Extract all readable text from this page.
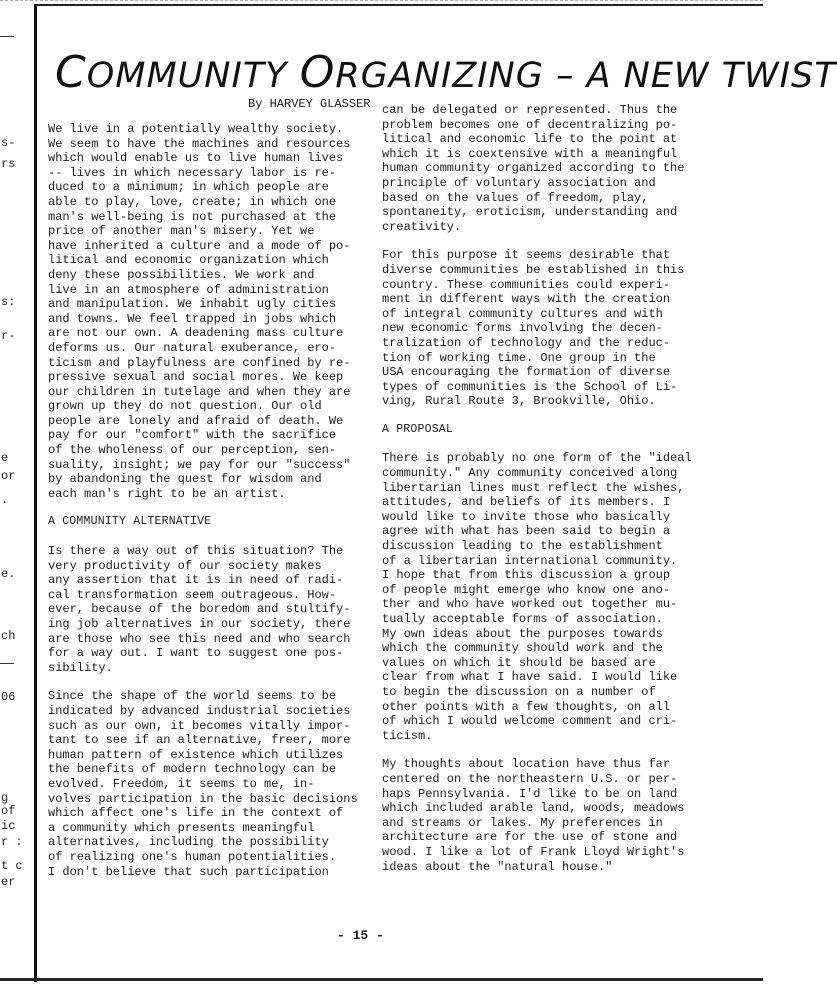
s-
rs
s:
r-
e
or
.
e.
ch
06
g
of
ic
r :
t c
er
COMMUNITY ORGANIZING – A NEW TWIST
By HARVEY GLASSER

We live in a potentially wealthy society.
We seem to have the machines and resources
which would enable us to live human lives
-- lives in which necessary labor is re-
duced to a minimum; in which people are
able to play, love, create; in which one
man's well-being is not purchased at the
price of another man's misery. Yet we
have inherited a culture and a mode of po-
litical and economic organization which
deny these possibilities. We work and
live in an atmosphere of administration
and manipulation. We inhabit ugly cities
and towns. We feel trapped in jobs which
are not our own. A deadening mass culture
deforms us. Our natural exuberance, ero-
ticism and playfulness are confined by re-
pressive sexual and social mores. We keep
our children in tutelage and when they are
grown up they do not question. Our old
people are lonely and afraid of death. We
pay for our "comfort" with the sacrifice
of the wholeness of our perception, sen-
suality, insight; we pay for our "success"
by abandoning the quest for wisdom and
each man's right to be an artist.

A COMMUNITY ALTERNATIVE

Is there a way out of this situation? The
very productivity of our society makes
any assertion that it is in need of radi-
cal transformation seem outrageous. How-
ever, because of the boredom and stultify-
ing job alternatives in our society, there
are those who see this need and who search
for a way out. I want to suggest one pos-
sibility.

Since the shape of the world seems to be
indicated by advanced industrial societies
such as our own, it becomes vitally impor-
tant to see if an alternative, freer, more
human pattern of existence which utilizes
the benefits of modern technology can be
evolved. Freedom, it seems to me, in-
volves participation in the basic decisions
which affect one's life in the context of
a community which presents meaningful
alternatives, including the possibility
of realizing one's human potentialities.
I don't believe that such participation

can be delegated or represented. Thus the
problem becomes one of decentralizing po-
litical and economic life to the point at
which it is coextensive with a meaningful
human community organized according to the
principle of voluntary association and
based on the values of freedom, play,
spontaneity, eroticism, understanding and
creativity.

For this purpose it seems desirable that
diverse communities be established in this
country. These communities could experi-
ment in different ways with the creation
of integral community cultures and with
new economic forms involving the decen-
tralization of technology and the reduc-
tion of working time. One group in the
USA encouraging the formation of diverse
types of communities is the School of Li-
ving, Rural Route 3, Brookville, Ohio.

A PROPOSAL

There is probably no one form of the "ideal
community." Any community conceived along
libertarian lines must reflect the wishes,
attitudes, and beliefs of its members. I
would like to invite those who basically
agree with what has been said to begin a
discussion leading to the establishment
of a libertarian international community.
I hope that from this discussion a group
of people might emerge who know one ano-
ther and who have worked out together mu-
tually acceptable forms of association.
My own ideas about the purposes towards
which the community should work and the
values on which it should be based are
clear from what I have said. I would like
to begin the discussion on a number of
other points with a few thoughts, on all
of which I would welcome comment and cri-
ticism.

My thoughts about location have thus far
centered on the northeastern U.S. or per-
haps Pennsylvania. I'd like to be on land
which included arable land, woods, meadows
and streams or lakes. My preferences in
architecture are for the use of stone and
wood. I like a lot of Frank Lloyd Wright's
ideas about the "natural house."

- 15 -
